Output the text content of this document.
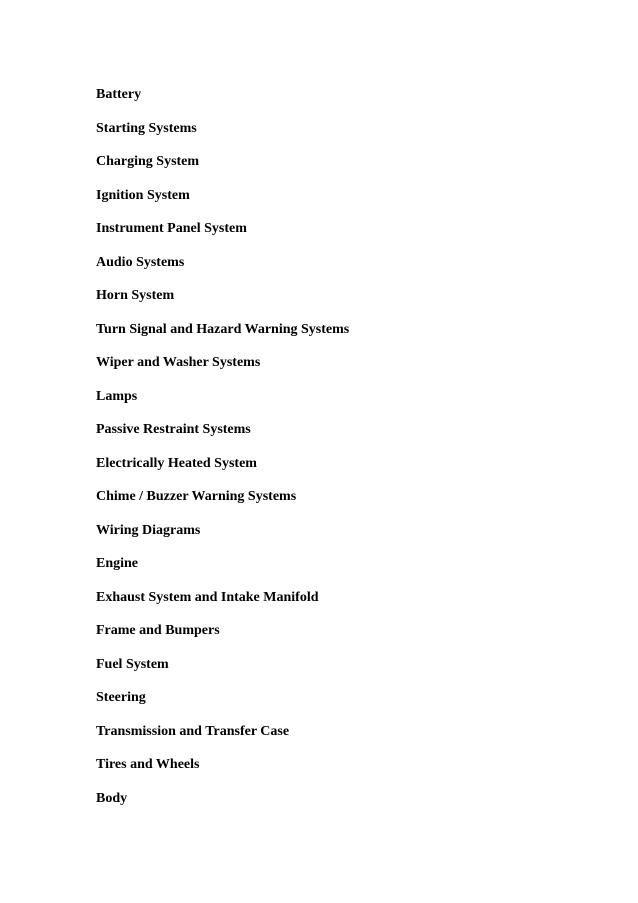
Battery
Starting Systems
Charging System
Ignition System
Instrument Panel System
Audio Systems
Horn System
Turn Signal and Hazard Warning Systems
Wiper and Washer Systems
Lamps
Passive Restraint Systems
Electrically Heated System
Chime / Buzzer Warning Systems
Wiring Diagrams
Engine
Exhaust System and Intake Manifold
Frame and Bumpers
Fuel System
Steering
Transmission and Transfer Case
Tires and Wheels
Body
